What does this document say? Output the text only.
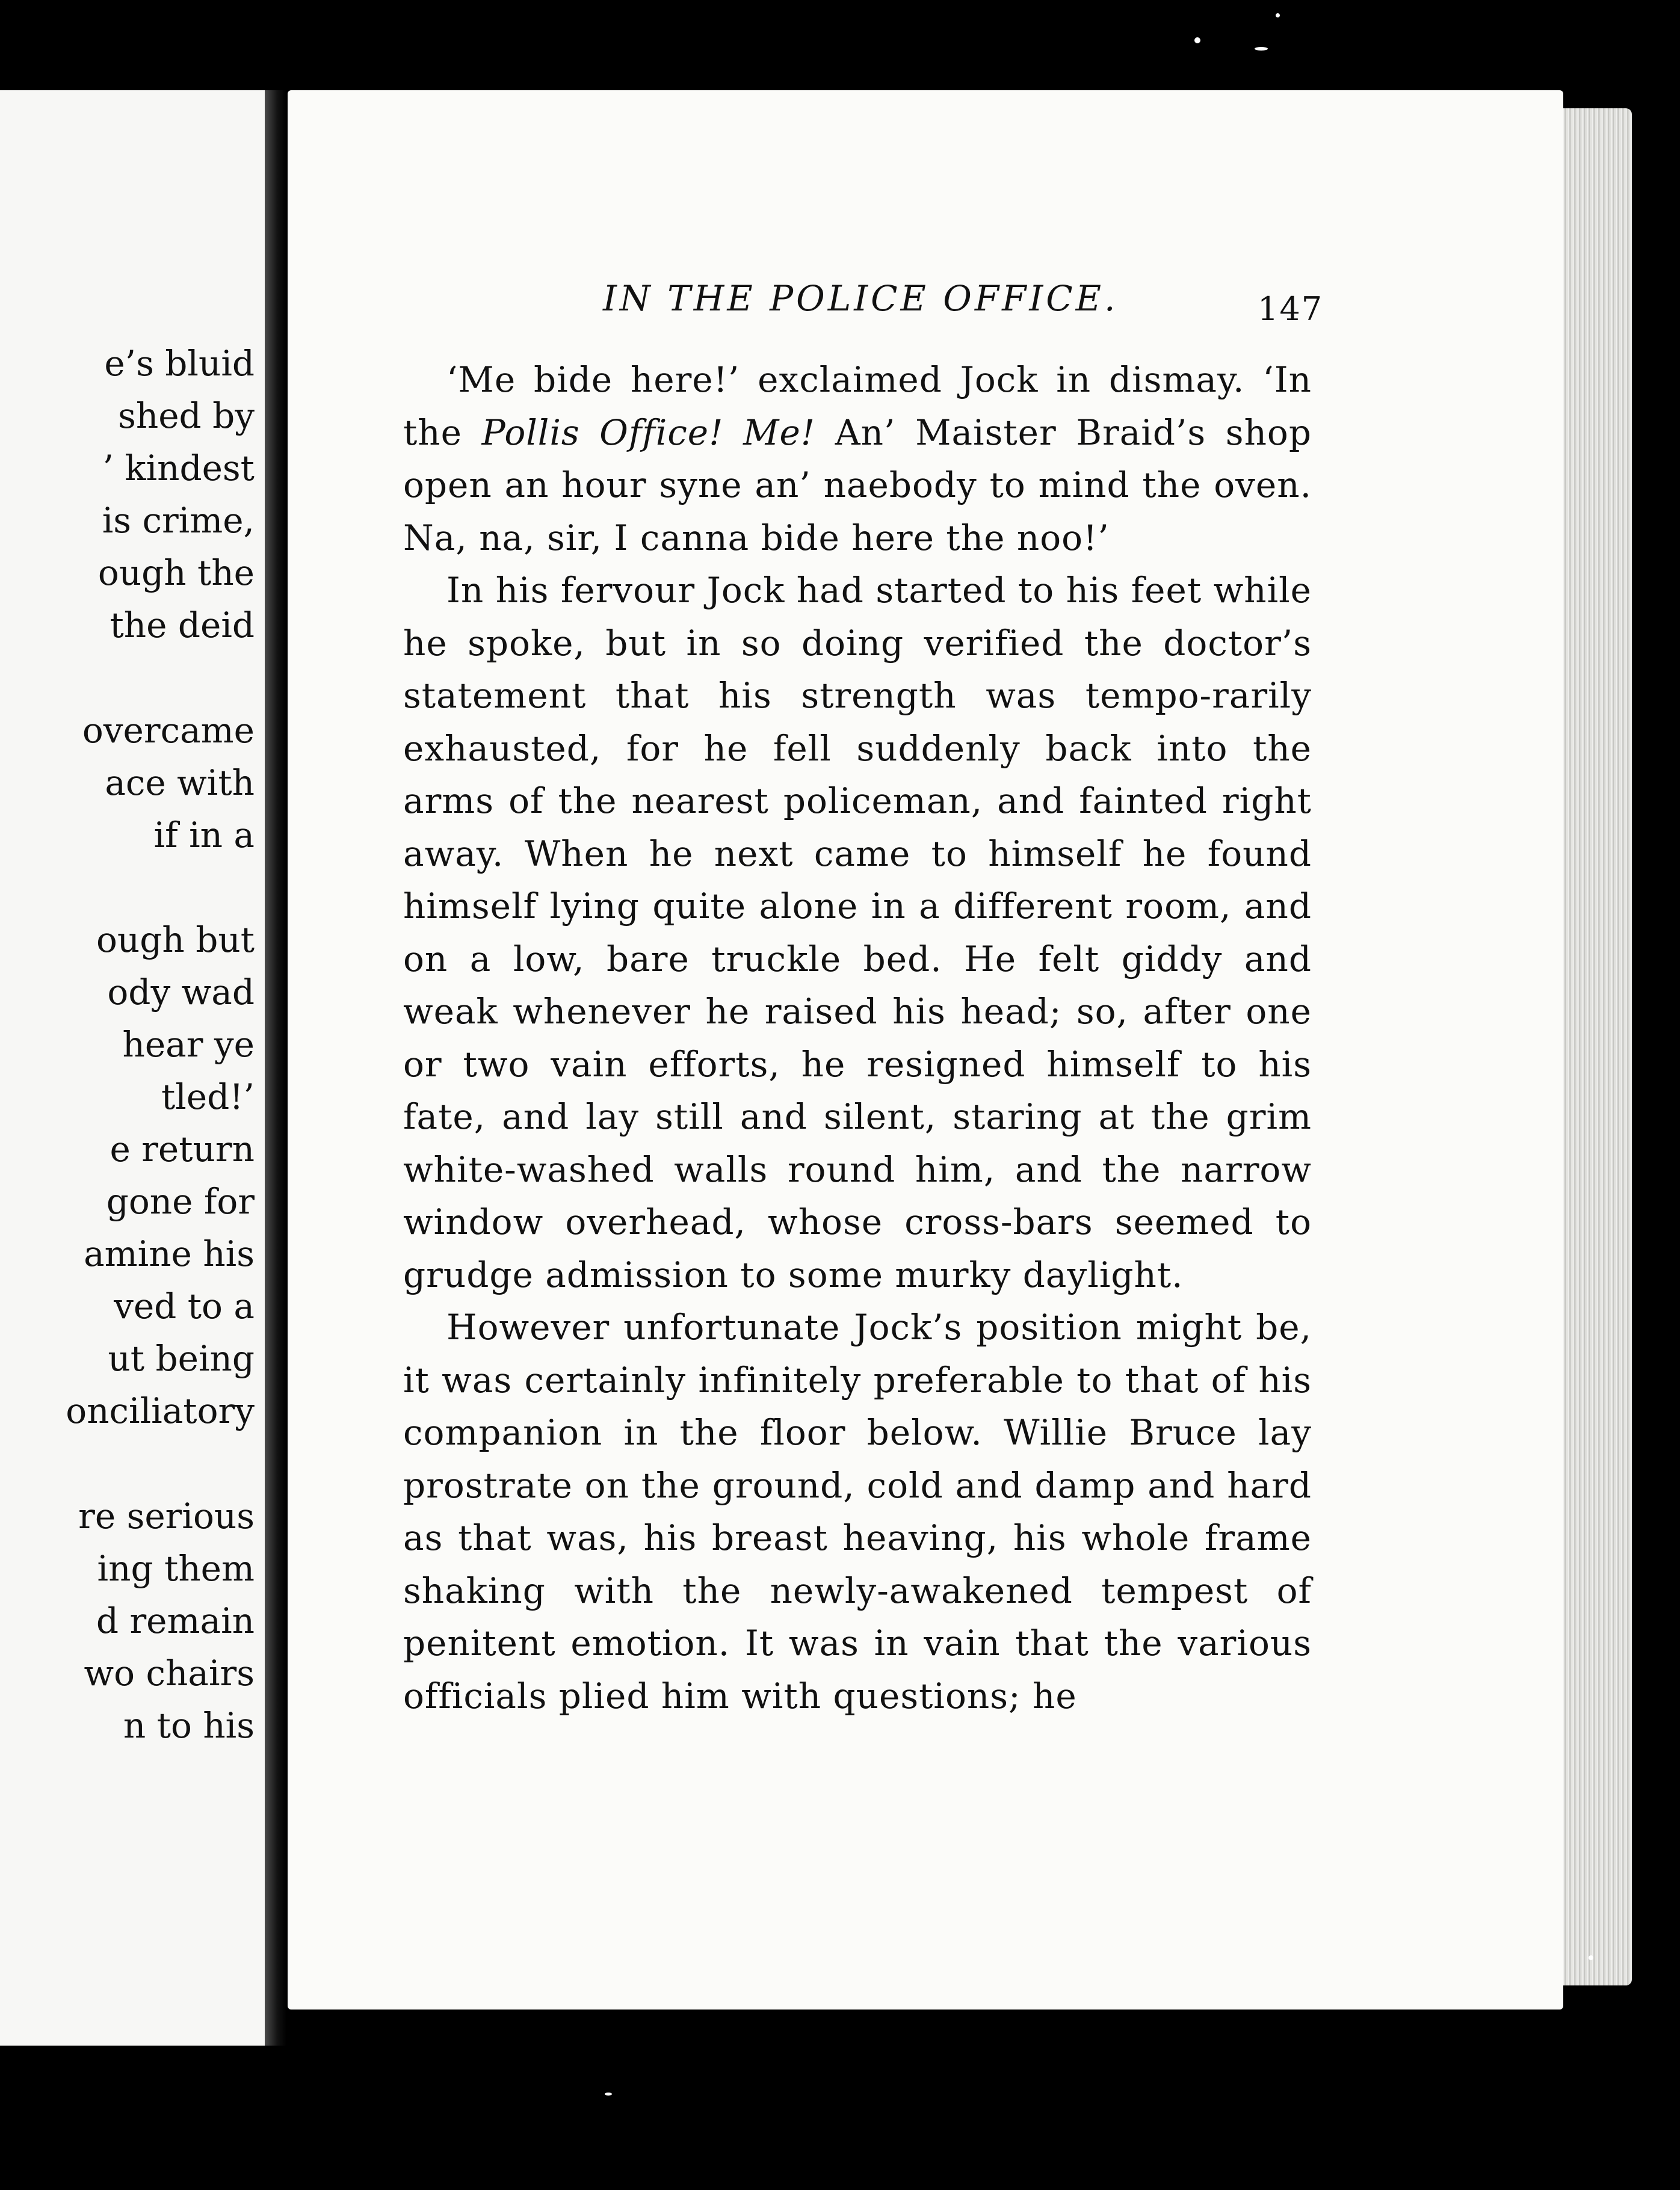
e’s bluid
shed by
’ kindest
is crime,
ough the
the deid
overcame
ace with
if in a
ough but
ody wad
hear ye
tled!’
e return
gone for
amine his
ved to a
ut being
onciliatory
re serious
ing them
d remain
wo chairs
n to his
IN THE POLICE OFFICE.	147

‘Me bide here!’ exclaimed Jock in dismay. ‘In the Pollis Office! Me! An’ Maister Braid’s shop open an hour syne an’ naebody to mind the oven. Na, na, sir, I canna bide here the noo!’

In his fervour Jock had started to his feet while he spoke, but in so doing verified the doctor’s statement that his strength was tempo-rarily exhausted, for he fell suddenly back into the arms of the nearest policeman, and fainted right away. When he next came to himself he found himself lying quite alone in a different room, and on a low, bare truckle bed. He felt giddy and weak whenever he raised his head; so, after one or two vain efforts, he resigned himself to his fate, and lay still and silent, staring at the grim white-washed walls round him, and the narrow window overhead, whose cross-bars seemed to grudge admission to some murky daylight.

However unfortunate Jock’s position might be, it was certainly infinitely preferable to that of his companion in the floor below. Willie Bruce lay prostrate on the ground, cold and damp and hard as that was, his breast heaving, his whole frame shaking with the newly-awakened tempest of penitent emotion. It was in vain that the various officials plied him with questions; he
